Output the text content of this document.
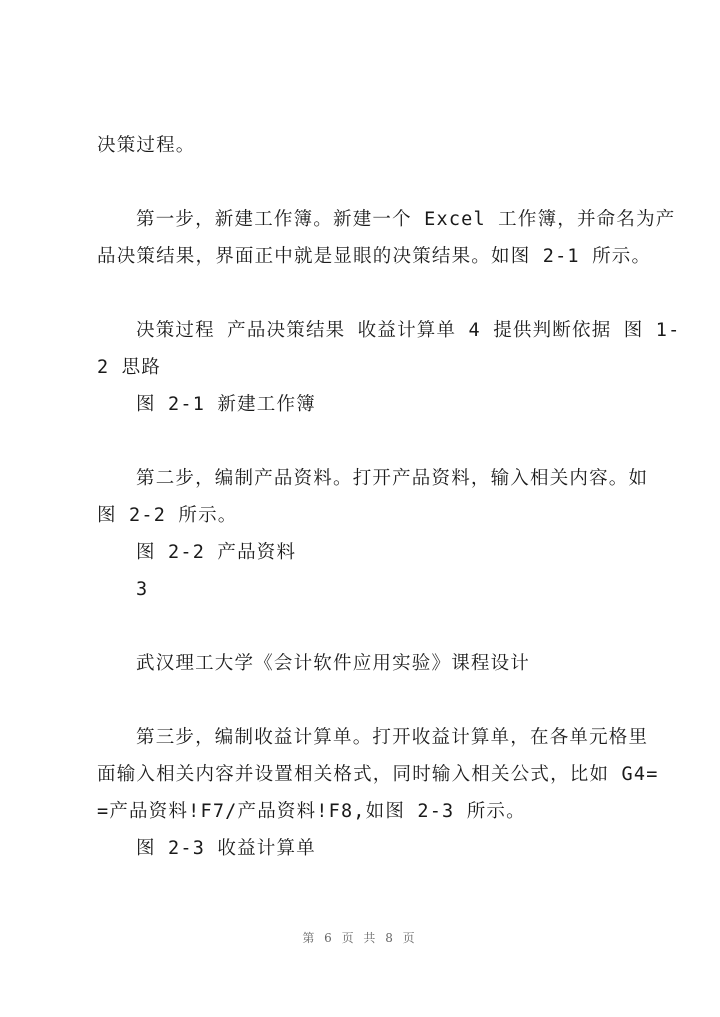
决策过程。
第一步，新建工作簿。新建一个 Excel 工作簿，并命名为产
品决策结果，界面正中就是显眼的决策结果。如图 2-1 所示。
决策过程 产品决策结果 收益计算单 4 提供判断依据 图 1-
2 思路
图 2-1 新建工作簿
第二步，编制产品资料。打开产品资料，输入相关内容。如
图 2-2 所示。
图 2-2 产品资料
3
武汉理工大学《会计软件应用实验》课程设计
第三步，编制收益计算单。打开收益计算单，在各单元格里
面输入相关内容并设置相关格式，同时输入相关公式，比如 G4=
=产品资料!F7/产品资料!F8,如图 2-3 所示。
图 2-3 收益计算单
第 6 页 共 8 页
